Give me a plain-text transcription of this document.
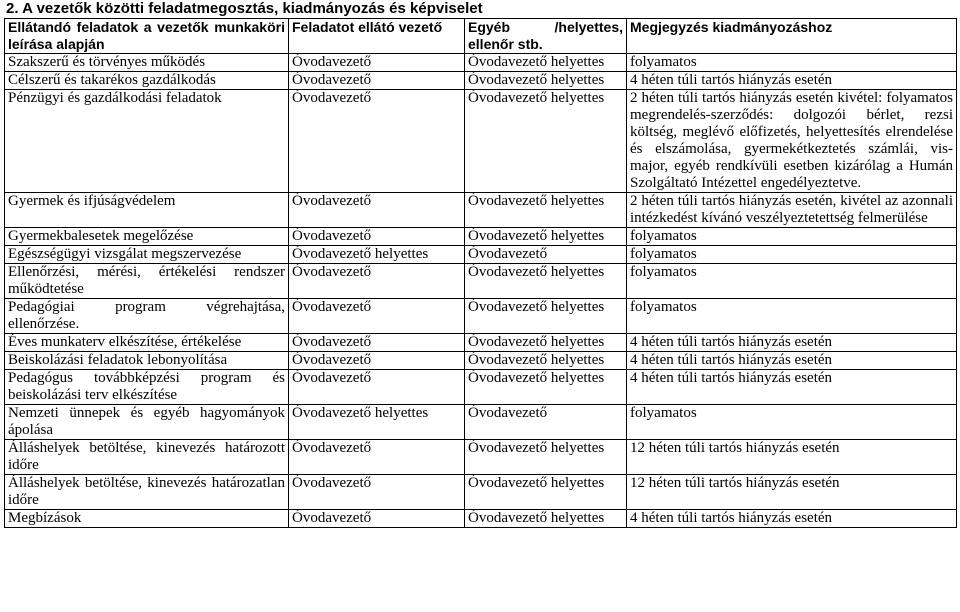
2. A vezetők közötti feladatmegosztás, kiadmányozás és képviselet
Ellátandó feladatok a vezetők munkaköri leírása alapján	Feladatot ellátó vezető	Egyéb /helyettes, ellenőr stb.	Megjegyzés kiadmányozáshoz
Szakszerű és törvényes működés	Óvodavezető	Óvodavezető helyettes	folyamatos
Célszerű és takarékos gazdálkodás	Óvodavezető	Óvodavezető helyettes	4 héten túli tartós hiányzás esetén
Pénzügyi és gazdálkodási feladatok	Óvodavezető	Óvodavezető helyettes	2 héten túli tartós hiányzás esetén kivétel: folyamatos megrendelés-szerződés: dolgozói bérlet, rezsi költség, meglévő előfizetés, helyettesítés elrendelése és elszámolása, gyermekétkeztetés számlái, vis-major, egyéb rendkívüli esetben kizárólag a Humán Szolgáltató Intézettel engedélyeztetve.
Gyermek és ifjúságvédelem	Óvodavezető	Óvodavezető helyettes	2 héten túli tartós hiányzás esetén, kivétel az azonnali intézkedést kívánó veszélyeztetettség felmerülése
Gyermekbalesetek megelőzése	Óvodavezető	Óvodavezető helyettes	folyamatos
Egészségügyi vizsgálat megszervezése	Óvodavezető helyettes	Óvodavezető	folyamatos
Ellenőrzési, mérési, értékelési rendszer működtetése	Óvodavezető	Óvodavezető helyettes	folyamatos
Pedagógiai program végrehajtása, ellenőrzése.	Óvodavezető	Óvodavezető helyettes	folyamatos
Éves munkaterv elkészítése, értékelése	Óvodavezető	Óvodavezető helyettes	4 héten túli tartós hiányzás esetén
Beiskolázási feladatok lebonyolítása	Óvodavezető	Óvodavezető helyettes	4 héten túli tartós hiányzás esetén
Pedagógus továbbképzési program és beiskolázási terv elkészítése	Óvodavezető	Óvodavezető helyettes	4 héten túli tartós hiányzás esetén
Nemzeti ünnepek és egyéb hagyományok ápolása	Óvodavezető helyettes	Óvodavezető	folyamatos
Álláshelyek betöltése, kinevezés határozott időre	Óvodavezető	Óvodavezető helyettes	12 héten túli tartós hiányzás esetén
Álláshelyek betöltése, kinevezés határozatlan időre	Óvodavezető	Óvodavezető helyettes	12 héten túli tartós hiányzás esetén
Megbízások	Óvodavezető	Óvodavezető helyettes	4 héten túli tartós hiányzás esetén
